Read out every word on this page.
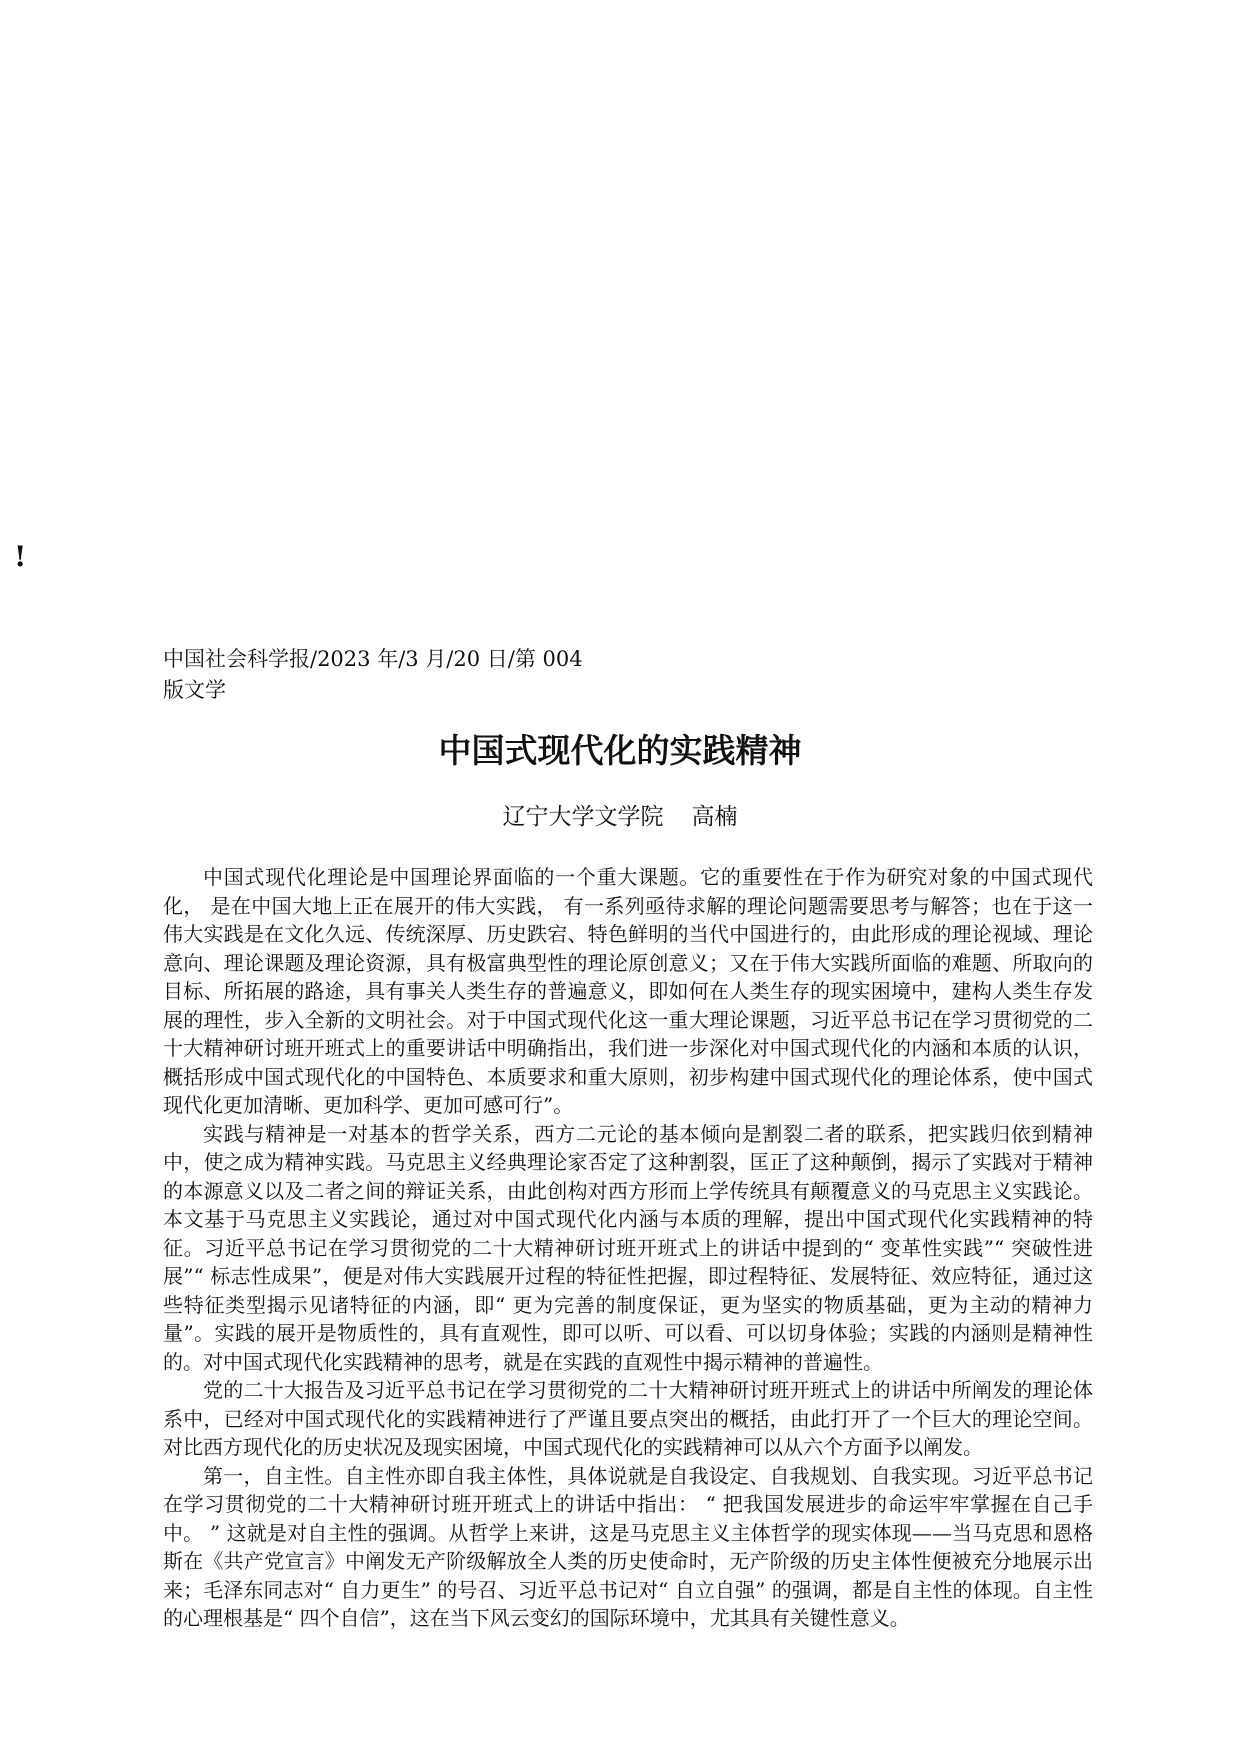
!
中国社会科学报/2023 年/3 月/20 日/第 004
版文学
中国式现代化的实践精神
辽宁大学文学院 高楠

中国式现代化理论是中国理论界面临的一个重大课题。它的重要性在于作为研究对象的中国式现代化， 是在中国大地上正在展开的伟大实践， 有一系列亟待求解的理论问题需要思考与解答；也在于这一伟大实践是在文化久远、传统深厚、历史跌宕、特色鲜明的当代中国进行的，由此形成的理论视域、理论意向、理论课题及理论资源，具有极富典型性的理论原创意义；又在于伟大实践所面临的难题、所取向的目标、所拓展的路途，具有事关人类生存的普遍意义，即如何在人类生存的现实困境中，建构人类生存发展的理性，步入全新的文明社会。对于中国式现代化这一重大理论课题，习近平总书记在学习贯彻党的二十大精神研讨班开班式上的重要讲话中明确指出，我们进一步深化对中国式现代化的内涵和本质的认识，概括形成中国式现代化的中国特色、本质要求和重大原则，初步构建中国式现代化的理论体系，使中国式现代化更加清晰、更加科学、更加可感可行”。

实践与精神是一对基本的哲学关系，西方二元论的基本倾向是割裂二者的联系，把实践归依到精神中，使之成为精神实践。马克思主义经典理论家否定了这种割裂，匡正了这种颠倒，揭示了实践对于精神的本源意义以及二者之间的辩证关系，由此创构对西方形而上学传统具有颠覆意义的马克思主义实践论。本文基于马克思主义实践论，通过对中国式现代化内涵与本质的理解，提出中国式现代化实践精神的特征。习近平总书记在学习贯彻党的二十大精神研讨班开班式上的讲话中提到的“ 变革性实践”“ 突破性进展”“ 标志性成果”，便是对伟大实践展开过程的特征性把握，即过程特征、发展特征、效应特征，通过这些特征类型揭示见诸特征的内涵，即“ 更为完善的制度保证，更为坚实的物质基础，更为主动的精神力量”。实践的展开是物质性的，具有直观性，即可以听、可以看、可以切身体验；实践的内涵则是精神性的。对中国式现代化实践精神的思考，就是在实践的直观性中揭示精神的普遍性。

党的二十大报告及习近平总书记在学习贯彻党的二十大精神研讨班开班式上的讲话中所阐发的理论体系中，已经对中国式现代化的实践精神进行了严谨且要点突出的概括，由此打开了一个巨大的理论空间。对比西方现代化的历史状况及现实困境，中国式现代化的实践精神可以从六个方面予以阐发。

第一，自主性。自主性亦即自我主体性，具体说就是自我设定、自我规划、自我实现。习近平总书记在学习贯彻党的二十大精神研讨班开班式上的讲话中指出： “ 把我国发展进步的命运牢牢掌握在自己手中。 ” 这就是对自主性的强调。从哲学上来讲，这是马克思主义主体哲学的现实体现——当马克思和恩格斯在《共产党宣言》中阐发无产阶级解放全人类的历史使命时，无产阶级的历史主体性便被充分地展示出来；毛泽东同志对“ 自力更生” 的号召、习近平总书记对“ 自立自强” 的强调，都是自主性的体现。自主性的心理根基是“ 四个自信”，这在当下风云变幻的国际环境中，尤其具有关键性意义。
